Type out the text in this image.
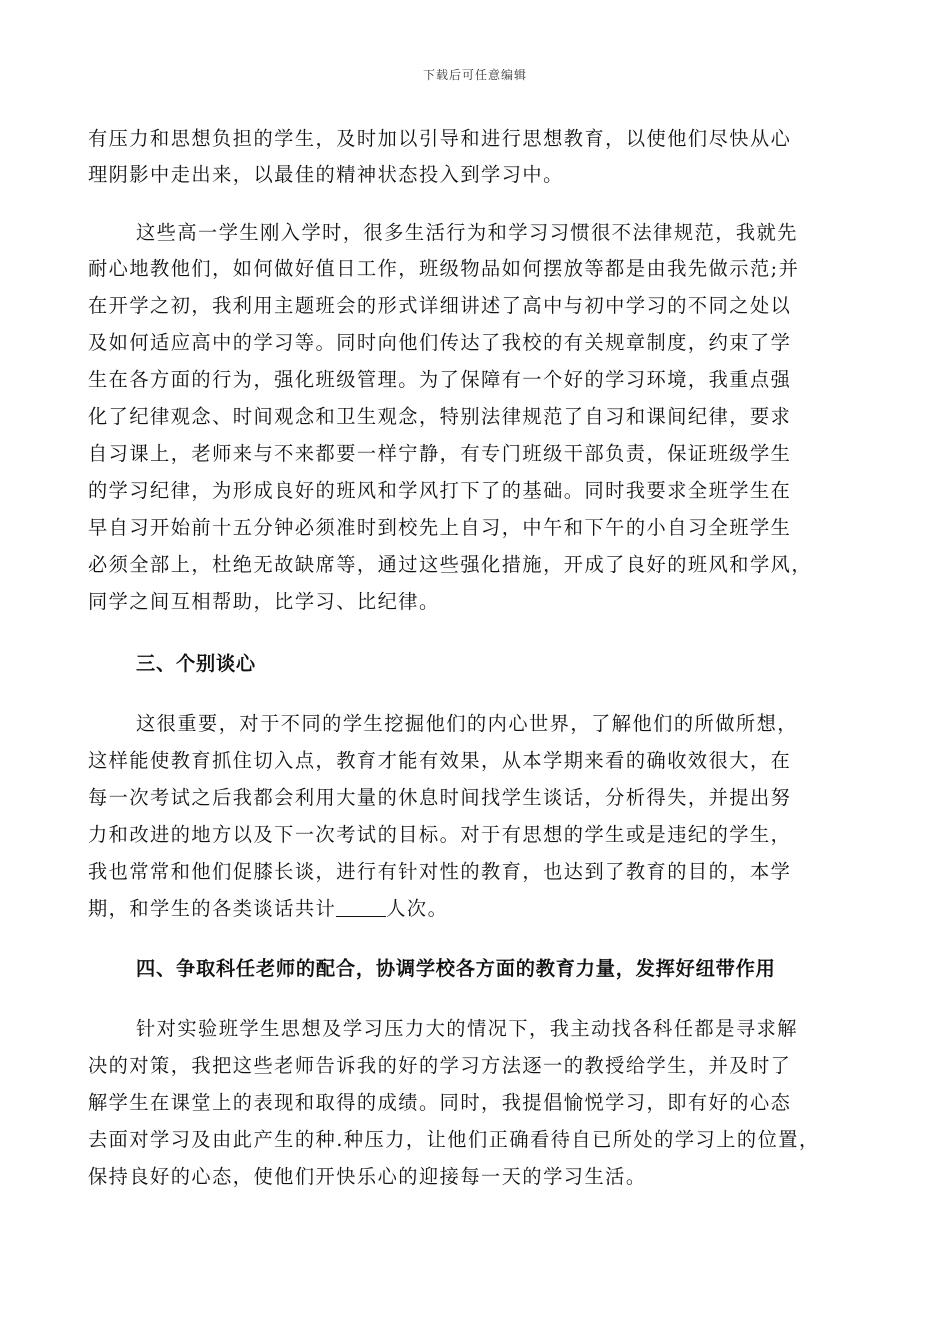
下载后可任意编辑
有压力和思想负担的学生，及时加以引导和进行思想教育，以使他们尽快从心
理阴影中走出来，以最佳的精神状态投入到学习中。
这些高一学生刚入学时，很多生活行为和学习习惯很不法律规范，我就先
耐心地教他们，如何做好值日工作，班级物品如何摆放等都是由我先做示范;并
在开学之初，我利用主题班会的形式详细讲述了高中与初中学习的不同之处以
及如何适应高中的学习等。同时向他们传达了我校的有关规章制度，约束了学
生在各方面的行为，强化班级管理。为了保障有一个好的学习环境，我重点强
化了纪律观念、时间观念和卫生观念，特别法律规范了自习和课间纪律，要求
自习课上，老师来与不来都要一样宁静，有专门班级干部负责，保证班级学生
的学习纪律，为形成良好的班风和学风打下了的基础。同时我要求全班学生在
早自习开始前十五分钟必须准时到校先上自习，中午和下午的小自习全班学生
必须全部上，杜绝无故缺席等，通过这些强化措施，开成了良好的班风和学风，
同学之间互相帮助，比学习、比纪律。
三、个别谈心
这很重要，对于不同的学生挖掘他们的内心世界，了解他们的所做所想，
这样能使教育抓住切入点，教育才能有效果，从本学期来看的确收效很大，在
每一次考试之后我都会利用大量的休息时间找学生谈话，分析得失，并提出努
力和改进的地方以及下一次考试的目标。对于有思想的学生或是违纪的学生，
我也常常和他们促膝长谈，进行有针对性的教育，也达到了教育的目的，本学
期，和学生的各类谈话共计	人次。
四、争取科任老师的配合，协调学校各方面的教育力量，发挥好纽带作用
针对实验班学生思想及学习压力大的情况下，我主动找各科任都是寻求解
决的对策，我把这些老师告诉我的好的学习方法逐一的教授给学生，并及时了
解学生在课堂上的表现和取得的成绩。同时，我提倡愉悦学习，即有好的心态
去面对学习及由此产生的种.种压力，让他们正确看待自已所处的学习上的位置，
保持良好的心态，使他们开快乐心的迎接每一天的学习生活。
